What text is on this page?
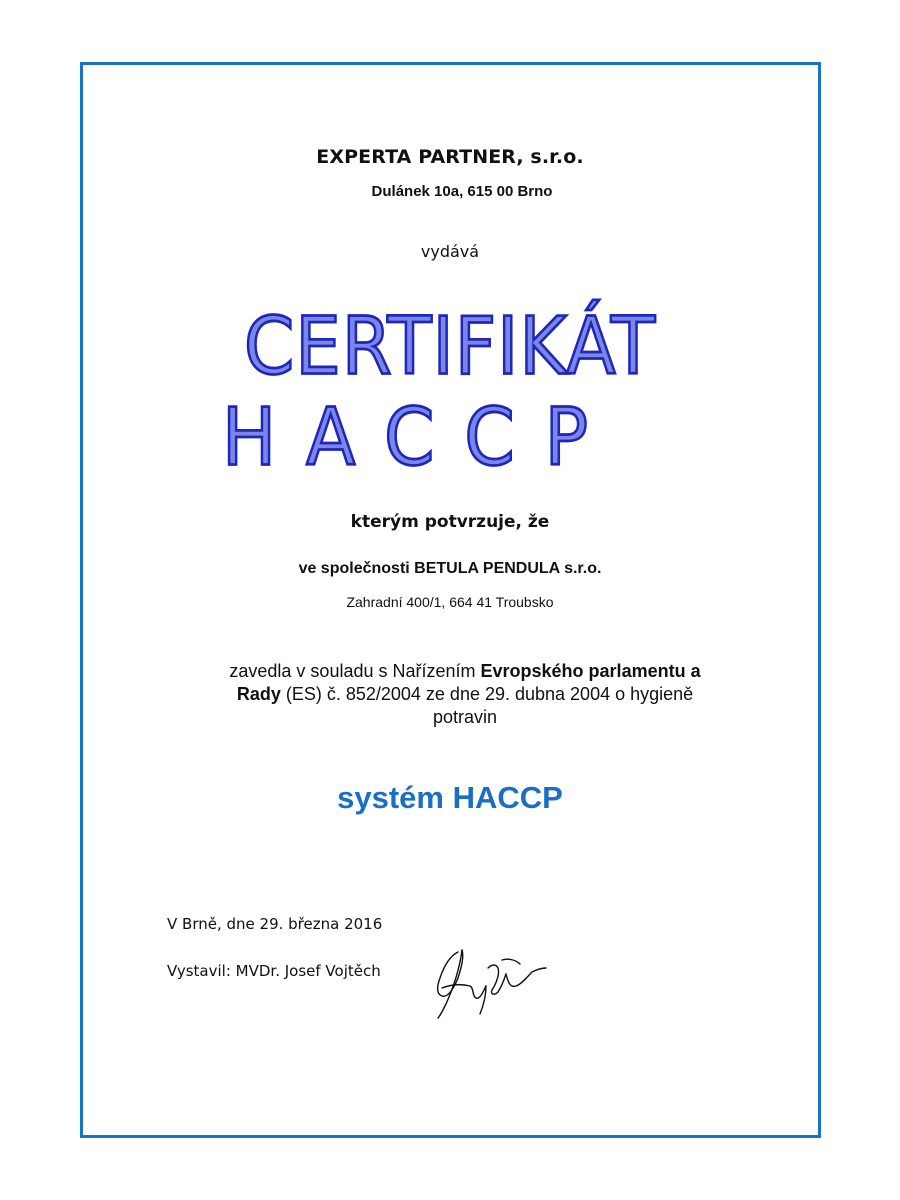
EXPERTA PARTNER, s.r.o.
Dulánek 10a, 615 00 Brno
vydává
CERTIFIKÁT
HACCP
kterým potvrzuje, že
ve společnosti BETULA PENDULA s.r.o.
Zahradní 400/1, 664 41 Troubsko
zavedla v souladu s Nařízením Evropského parlamentu a
Rady (ES) č. 852/2004 ze dne 29. dubna 2004 o hygieně
potravin
systém HACCP
V Brně, dne 29. března 2016
Vystavil: MVDr. Josef Vojtěch
